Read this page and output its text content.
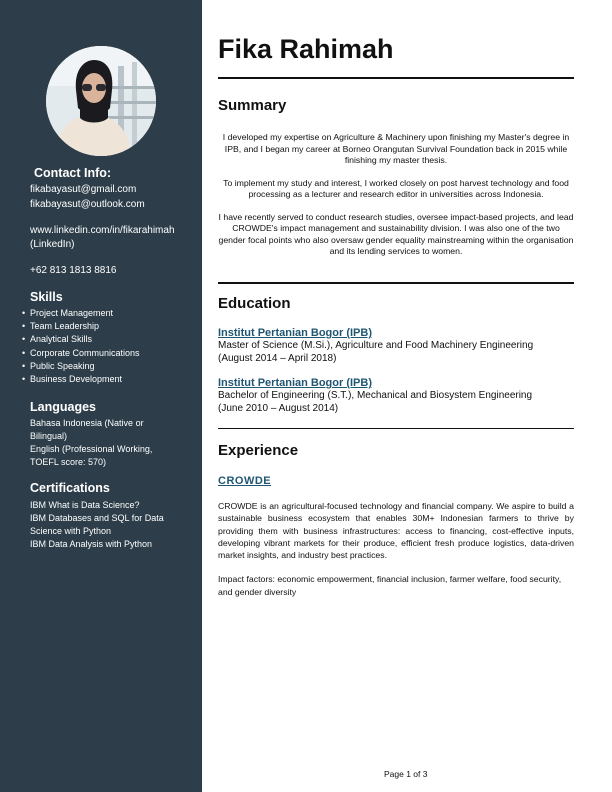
Contact Info:
fikabayasut@gmail.com
fikabayasut@outlook.com
www.linkedin.com/in/fikarahimah
(LinkedIn)
+62 813 1813 8816
Skills
• Project Management
• Team Leadership
• Analytical Skills
• Corporate Communications
• Public Speaking
• Business Development
Languages
Bahasa Indonesia (Native or Bilingual)
English (Professional Working, TOEFL score: 570)
Certifications
IBM What is Data Science?
IBM Databases and SQL for Data Science with Python
IBM Data Analysis with Python
Fika Rahimah
Summary

I developed my expertise on Agriculture & Machinery upon finishing my Master's degree in IPB, and I began my career at Borneo Orangutan Survival Foundation back in 2015 while finishing my master thesis.

To implement my study and interest, I worked closely on post harvest technology and food processing as a lecturer and research editor in universities across Indonesia.

I have recently served to conduct research studies, oversee impact-based projects, and lead CROWDE's impact management and sustainability division. I was also one of the two gender focal points who also oversaw gender equality mainstreaming within the organisation and its lending services to women.

Education
Institut Pertanian Bogor (IPB)
Master of Science (M.Si.), Agriculture and Food Machinery Engineering
(August 2014 – April 2018)
Institut Pertanian Bogor (IPB)
Bachelor of Engineering (S.T.), Mechanical and Biosystem Engineering
(June 2010 – August 2014)
Experience
CROWDE

CROWDE is an agricultural-focused technology and financial company. We aspire to build a sustainable business ecosystem that enables 30M+ Indonesian farmers to thrive by providing them with business infrastructures: access to financing, cost-effective inputs, developing vibrant markets for their produce, efficient fresh produce logistics, data-driven market insights, and industry best practices.

Impact factors: economic empowerment, financial inclusion, farmer welfare, food security, and gender diversity

Page 1 of 3
